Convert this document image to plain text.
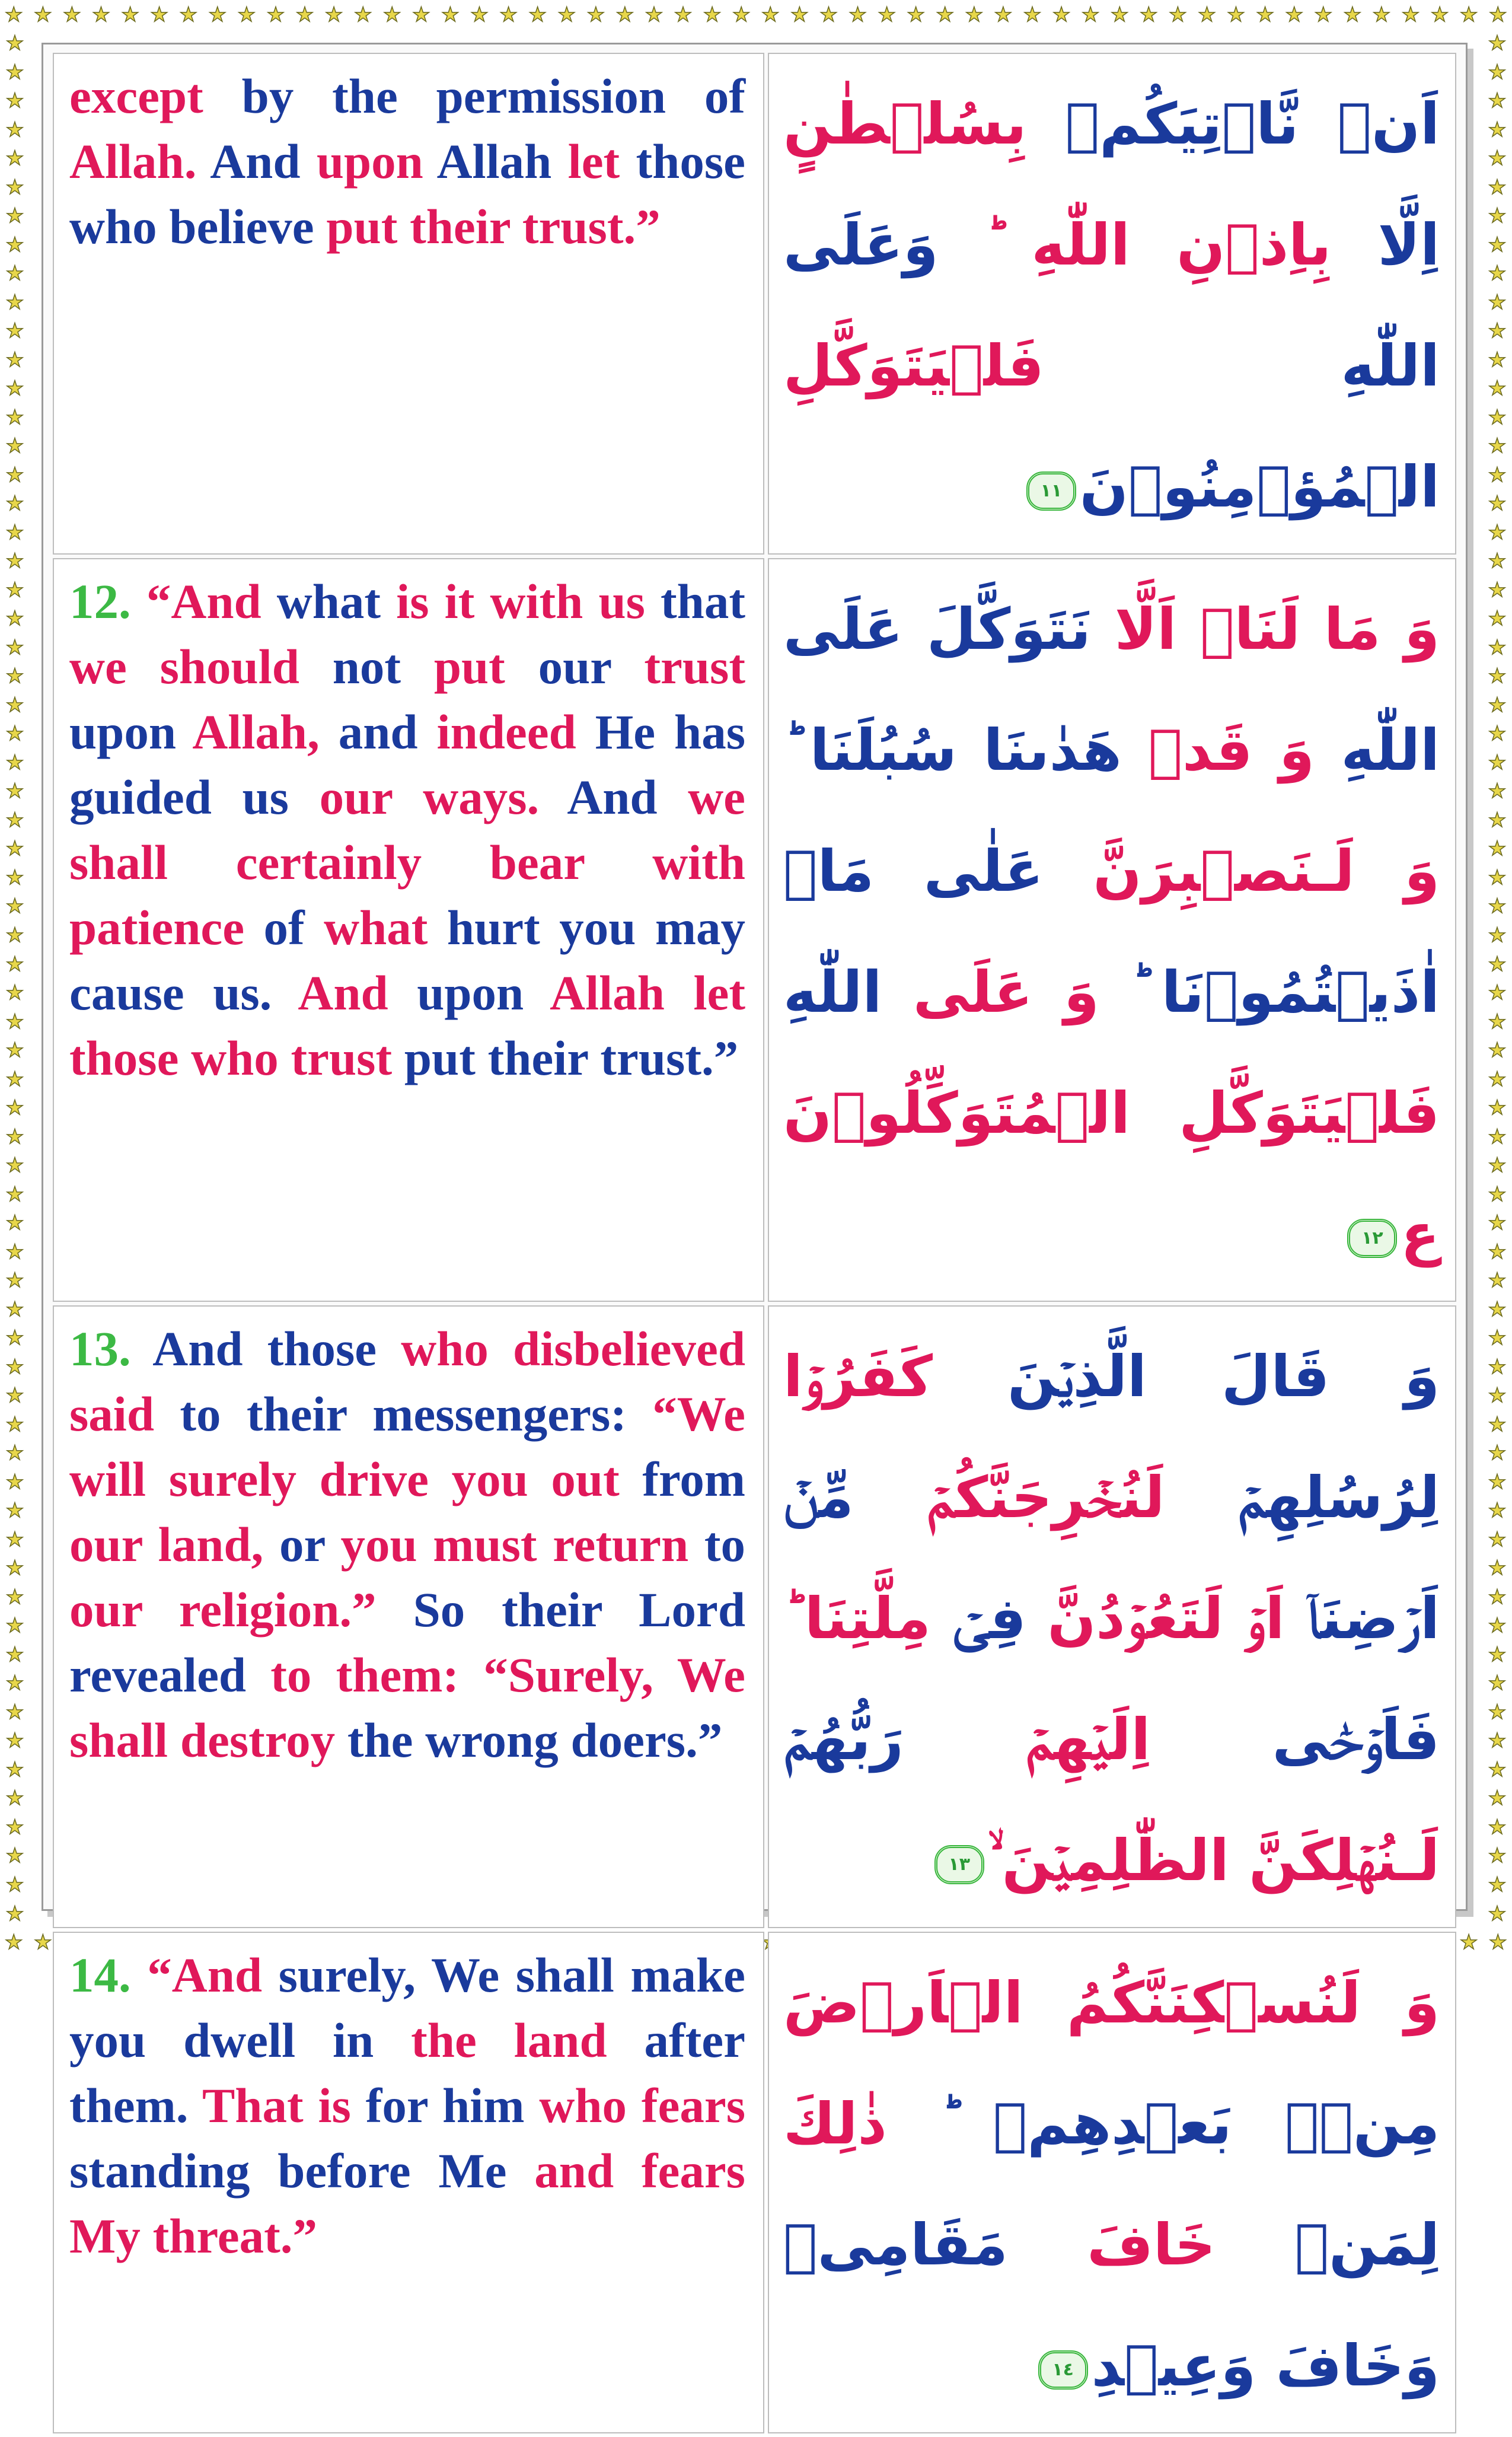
★ ★ ★ ★ ★ ★ ★ ★ ★ ★ ★ ★ ★ ★ ★ ★ ★ ★ ★ ★ ★ ★ ★ ★ ★ ★ ★ ★ ★ ★ ★ ★ ★ ★ ★ ★ ★ ★ ★ ★ ★ ★ ★ ★ ★ ★ ★ ★ ★ ★ ★ ★
★ ★	★ ★
★
★
★
★
★
★
★
★
★
★
★
★
★
★
★
★
★
★
★
★
★
★
★
★
★
★
★
★
★
★
★
★
★
★
★
★
★
★
★
★
★
★
★
★
★
★
★
★
★
★
★
★
★
★
★
★
★
★
★
★
★
★
★
★
★
★
★
★
★
★
★
★
★
★
★
★
★
★
★
★
★
★
★
★
★
★
★
★
★
★
★
★
★
★
★
★
★
★
★
★
★
★
★
★
★
★
★
★
★
★
★
★
★
★
★
★
★
★
★
★
★
★
★
★
★
★
★
★
★
★
★
★
except by the permission of Allah. And upon Allah let those who believe put their trust.”	اَنۡ نَّاۡتِيَكُمۡ بِسُلۡطٰنٍ اِلَّا بِاِذۡنِ اللّٰهِ ؕ وَعَلَى اللّٰهِ فَلۡيَتَوَكَّلِ الۡمُؤۡمِنُوۡنَ١١
12. “And what is it with us that we should not put our trust upon Allah, and indeed He has guided us our ways. And we shall certainly bear with patience of what hurt you may cause us. And upon Allah let those who trust put their trust.”	وَ مَا لَنَاۤ اَلَّا نَتَوَكَّلَ عَلَى اللّٰهِ وَ قَدۡ هَدٰٮنَا سُبُلَنَا ؕ وَ لَـنَصۡبِرَنَّ عَلٰى مَاۤ اٰذَيۡتُمُوۡنَا ؕ وَ عَلَى اللّٰهِ فَلۡيَتَوَكَّلِ الۡمُتَوَكِّلُوۡنَ ع١٢
13. And those who disbelieved said to their messengers: “We will surely drive you out from our land, or you must return to our religion.” So their Lord revealed to them: “Surely, We shall destroy the wrong doers.”	وَ قَالَ الَّذِيۡنَ كَفَرُوۡا لِرُسُلِهِمۡ لَنُخۡرِجَنَّكُمۡ مِّنۡ اَرۡضِنَاۤ اَوۡ لَتَعُوۡدُنَّ فِىۡ مِلَّتِنَا ؕ فَاَوۡحٰۤى اِلَيۡهِمۡ رَبُّهُمۡ لَـنُهۡلِكَنَّ الظّٰلِمِيۡنَ ۙ١٣
14. “And surely, We shall make you dwell in the land after them. That is for him who fears standing before Me and fears My threat.”	وَ لَنُسۡكِنَنَّكُمُ الۡاَرۡضَ مِنۡۢ بَعۡدِهِمۡ ؕ ذٰلِكَ لِمَنۡ خَافَ مَقَامِىۡ وَخَافَ وَعِيۡدِ١٤
